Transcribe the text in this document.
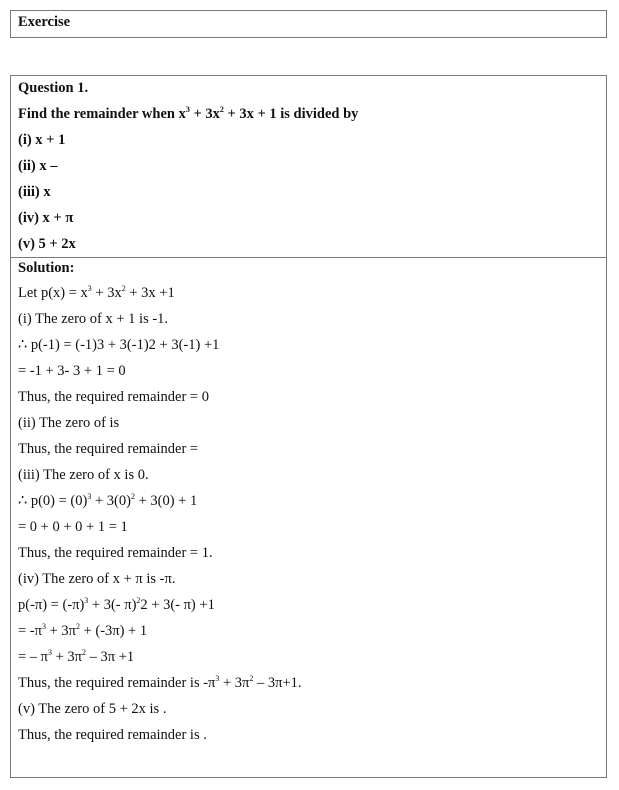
Exercise
Question 1.
Find the remainder when $x^3 + 3x^2 + 3x + 1$ is divided by
(i) x + 1
(ii) x –
(iii) x
(iv) x + π
(v) 5 + 2x
Solution:
Let $p(x) = x^3 + 3x^2 + 3x +1$
(i) The zero of x + 1 is -1.
∴ p(-1) = (-1)3 + 3(-1)2 + 3(-1) +1
= -1 + 3- 3 + 1 = 0
Thus, the required remainder = 0
(ii) The zero of is
Thus, the required remainder =
(iii) The zero of x is 0.
∴ $p(0) = (0)^3 + 3(0)^2 + 3(0) + 1$
= 0 + 0 + 0 + 1 = 1
Thus, the required remainder = 1.
(iv) The zero of x + π is -π.
$p(-\pi) = (-\pi)^3 + 3(-$ π)$^2$2 + 3(- π) +1
= $-\pi^3 + 3\pi^2 + (-3\pi) + 1$
= – $\pi^3 + 3\pi^2 - 3\pi +1$
Thus, the required remainder is $-\pi^3 + 3\pi^2 - 3\pi+1$.
(v) The zero of 5 + 2x is .
Thus, the required remainder is .
